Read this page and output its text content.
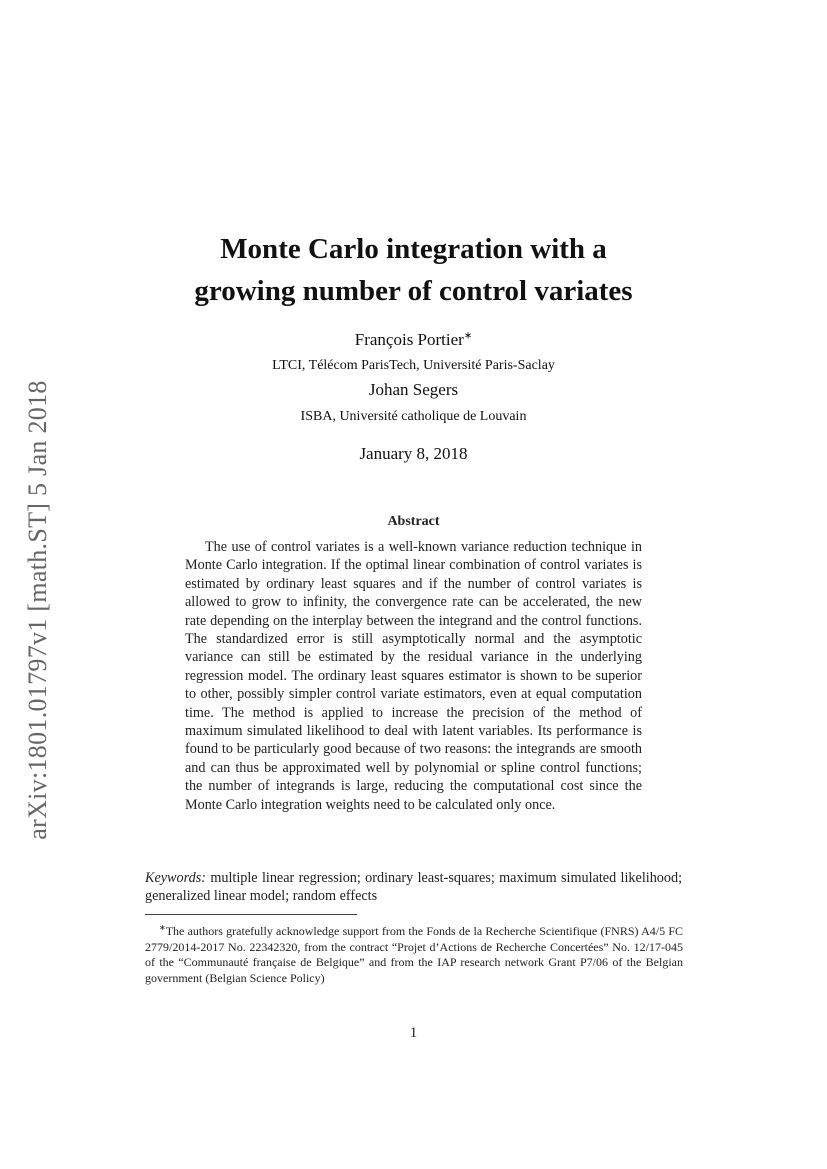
arXiv:1801.01797v1 [math.ST] 5 Jan 2018
Monte Carlo integration with a
growing number of control variates
François Portier∗
LTCI, Télécom ParisTech, Université Paris-Saclay
Johan Segers
ISBA, Université catholique de Louvain
January 8, 2018
Abstract
The use of control variates is a well-known variance reduction technique in Monte Carlo integration. If the optimal linear combination of control variates is estimated by ordinary least squares and if the number of control variates is allowed to grow to infinity, the convergence rate can be accelerated, the new rate depending on the interplay between the integrand and the control functions. The standardized error is still asymptotically normal and the asymptotic variance can still be estimated by the residual variance in the underlying regression model. The ordinary least squares estimator is shown to be superior to other, possibly simpler control variate estimators, even at equal computation time. The method is applied to increase the precision of the method of maximum simulated likelihood to deal with latent variables. Its performance is found to be particularly good because of two reasons: the integrands are smooth and can thus be approximated well by polynomial or spline control functions; the number of integrands is large, reducing the computational cost since the Monte Carlo integration weights need to be calculated only once.
Keywords: multiple linear regression; ordinary least-squares; maximum simulated likelihood; generalized linear model; random effects
∗The authors gratefully acknowledge support from the Fonds de la Recherche Scientifique (FNRS) A4/5 FC 2779/2014-2017 No. 22342320, from the contract “Projet d’Actions de Recherche Concertées” No. 12/17-045 of the “Communauté française de Belgique” and from the IAP research network Grant P7/06 of the Belgian government (Belgian Science Policy)
1
